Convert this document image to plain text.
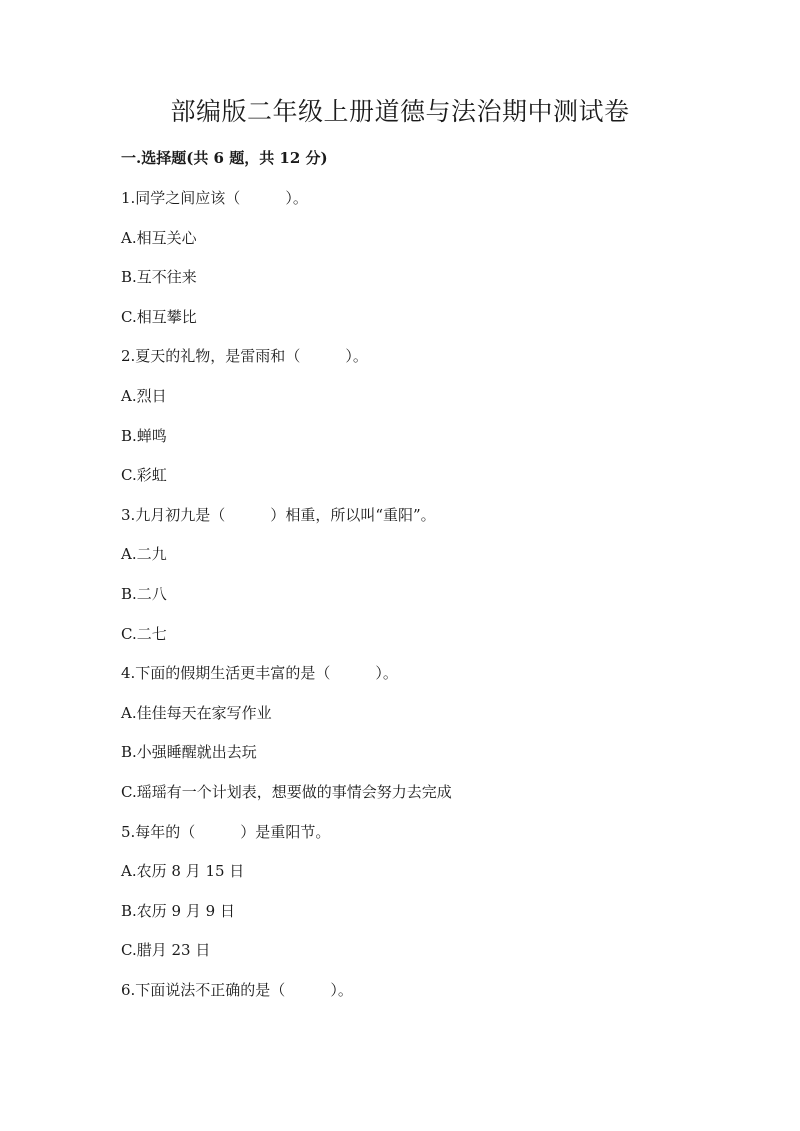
部编版二年级上册道德与法治期中测试卷
一.选择题(共 6 题，共 12 分)
1.同学之间应该（　　　）。
A.相互关心
B.互不往来
C.相互攀比
2.夏天的礼物，是雷雨和（　　　）。
A.烈日
B.蝉鸣
C.彩虹
3.九月初九是（　　　）相重，所以叫“重阳”。
A.二九
B.二八
C.二七
4.下面的假期生活更丰富的是（　　　）。
A.佳佳每天在家写作业
B.小强睡醒就出去玩
C.瑶瑶有一个计划表，想要做的事情会努力去完成
5.每年的（　　　）是重阳节。
A.农历 8 月 15 日
B.农历 9 月 9 日
C.腊月 23 日
6.下面说法不正确的是（　　　）。
